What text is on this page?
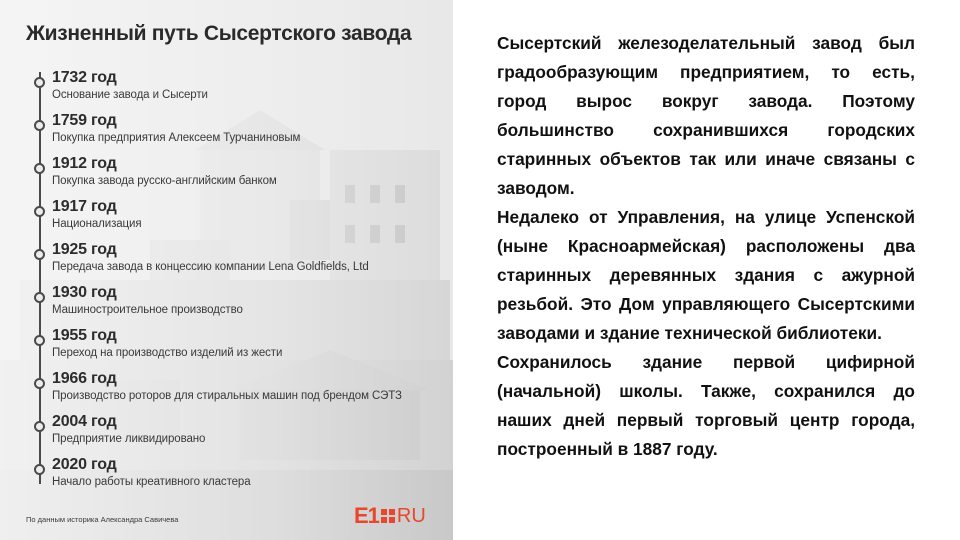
Жизненный путь Сысертского завода
1732 год
Основание завода и Сысерти
1759 год
Покупка предприятия Алексеем Турчаниновым
1912 год
Покупка завода русско-английским банком
1917 год
Национализация
1925 год
Передача завода в концессию компании Lena Goldfields, Ltd
1930 год
Машиностроительное производство
1955 год
Переход на производство изделий из жести
1966 год
Производство роторов для стиральных машин под брендом СЭТЗ
2004 год
Предприятие ликвидировано
2020 год
Начало работы креативного кластера
По данным историка Александра Савичева	E1 RU

Сысертский железоделательный завод был градообразующим предприятием, то есть, город вырос вокруг завода. Поэтому большинство сохранившихся городских старинных объектов так или иначе связаны с заводом.

Недалеко от Управления, на улице Успенской (ныне Красноармейская) расположены два старинных деревянных здания с ажурной резьбой. Это Дом управляющего Сысертскими заводами и здание технической библиотеки.

Сохранилось здание первой цифирной (начальной) школы. Также, сохранился до наших дней первый торговый центр города, построенный в 1887 году.
